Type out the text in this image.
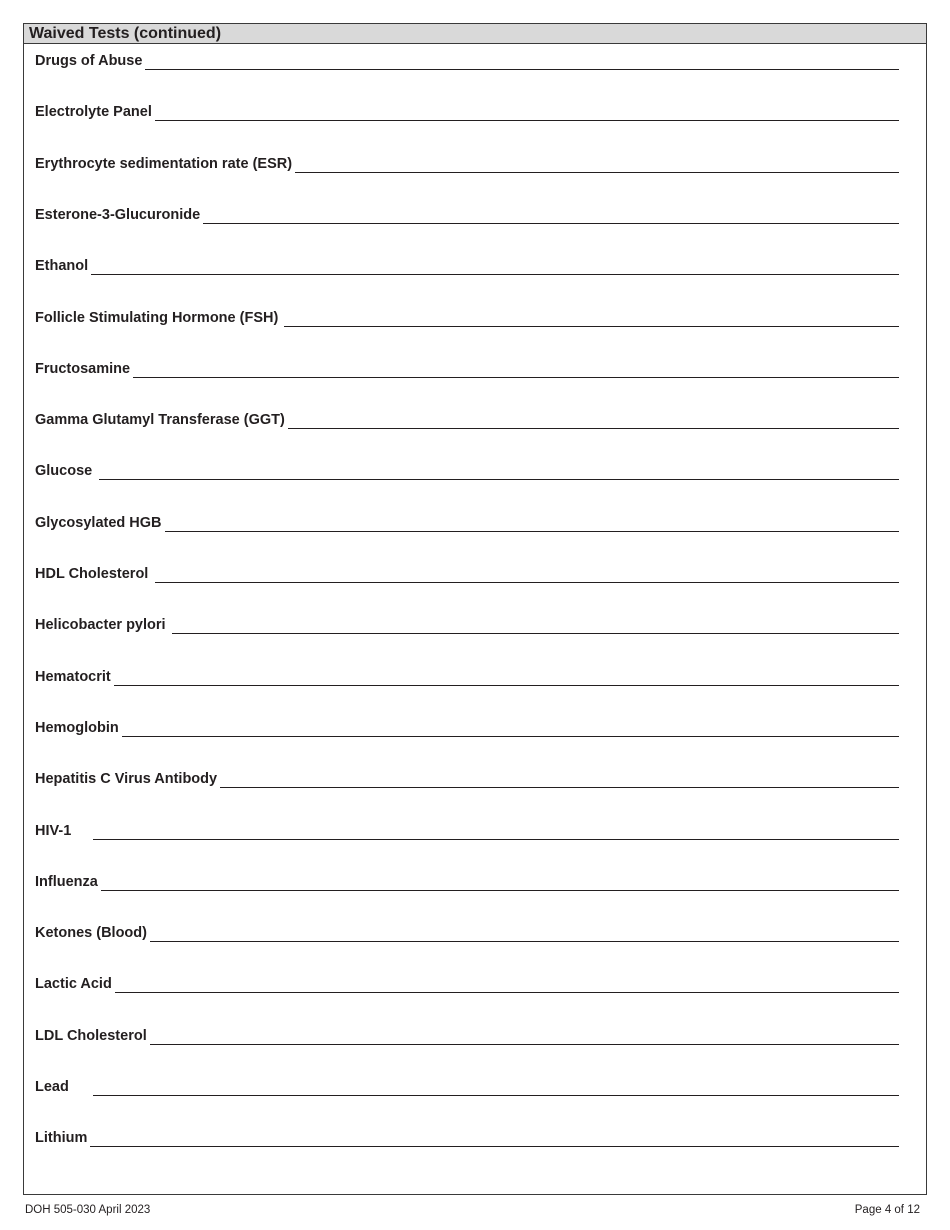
Waived Tests (continued)
Drugs of Abuse
Electrolyte Panel
Erythrocyte sedimentation rate (ESR)
Esterone-3-Glucuronide
Ethanol
Follicle Stimulating Hormone (FSH)
Fructosamine
Gamma Glutamyl Transferase (GGT)
Glucose
Glycosylated HGB
HDL Cholesterol
Helicobacter pylori
Hematocrit
Hemoglobin
Hepatitis C Virus Antibody
HIV-1
Influenza
Ketones (Blood)
Lactic Acid
LDL Cholesterol
Lead
Lithium
DOH 505-030 April 2023	Page 4 of 12
